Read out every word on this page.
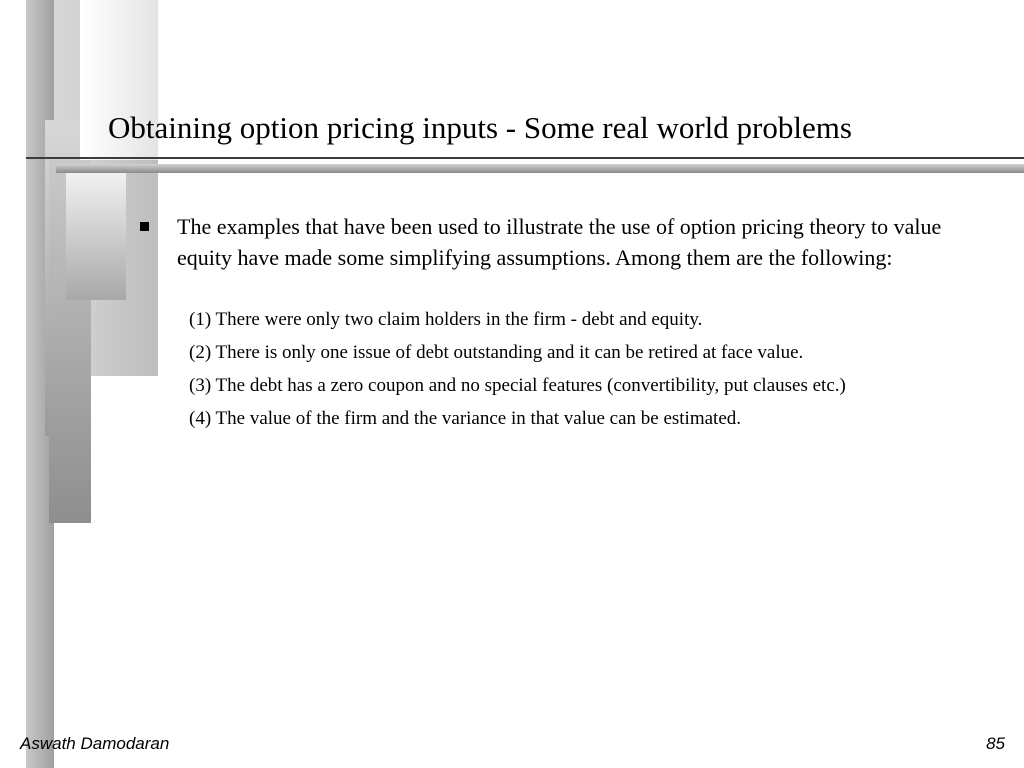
Obtaining option pricing inputs - Some real world problems
The examples that have been used to illustrate the use of option pricing theory to value equity have made some simplifying assumptions. Among them are the following:
(1) There were only two claim holders in the firm - debt and equity.
(2) There is only one issue of debt outstanding and it can be retired at face value.
(3) The debt has a zero coupon and no special features (convertibility, put clauses etc.)
(4) The value of the firm and the variance in that value can be estimated.
Aswath Damodaran	85
